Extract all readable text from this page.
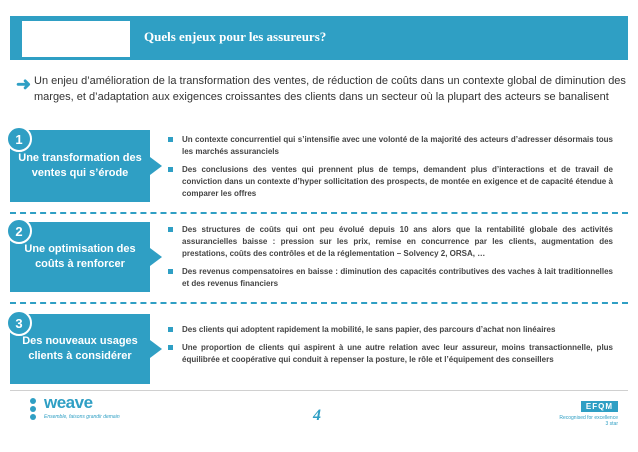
Quels enjeux pour les assureurs?
➜ Un enjeu d’amélioration de la transformation des ventes, de réduction de coûts dans un contexte global de diminution des marges, et d’adaptation aux exigences croissantes des clients dans un secteur où la plupart des acteurs se banalisent
Une transformation des ventes qui s’érode
1	Un contexte concurrentiel qui s’intensifie avec une volonté de la majorité des acteurs d’adresser désormais tous les marchés assuranciels
Des conclusions des ventes qui prennent plus de temps, demandent plus d’interactions et de travail de conviction dans un contexte d’hyper sollicitation des prospects, de montée en exigence et de capacité étendue à comparer les offres
Une optimisation des coûts à renforcer
2	Des structures de coûts qui ont peu évolué depuis 10 ans alors que la rentabilité globale des activités assurancielles baisse : pression sur les prix, remise en concurrence par les clients, augmentation des prestations, coûts des contrôles et de la réglementation – Solvency 2, ORSA, …
Des revenus compensatoires en baisse : diminution des capacités contributives des vaches à lait traditionnelles et des revenus financiers
Des nouveaux usages clients à considérer
3	Des clients qui adoptent rapidement la mobilité, le sans papier, des parcours d’achat non linéaires
Une proportion de clients qui aspirent à une autre relation avec leur assureur, moins transactionnelle, plus équilibrée et coopérative qui conduit à repenser la posture, le rôle et l’équipement des conseillers
weave
Ensemble, faisons grandir demain	4
EFQM
Recognised for excellence
3 star
